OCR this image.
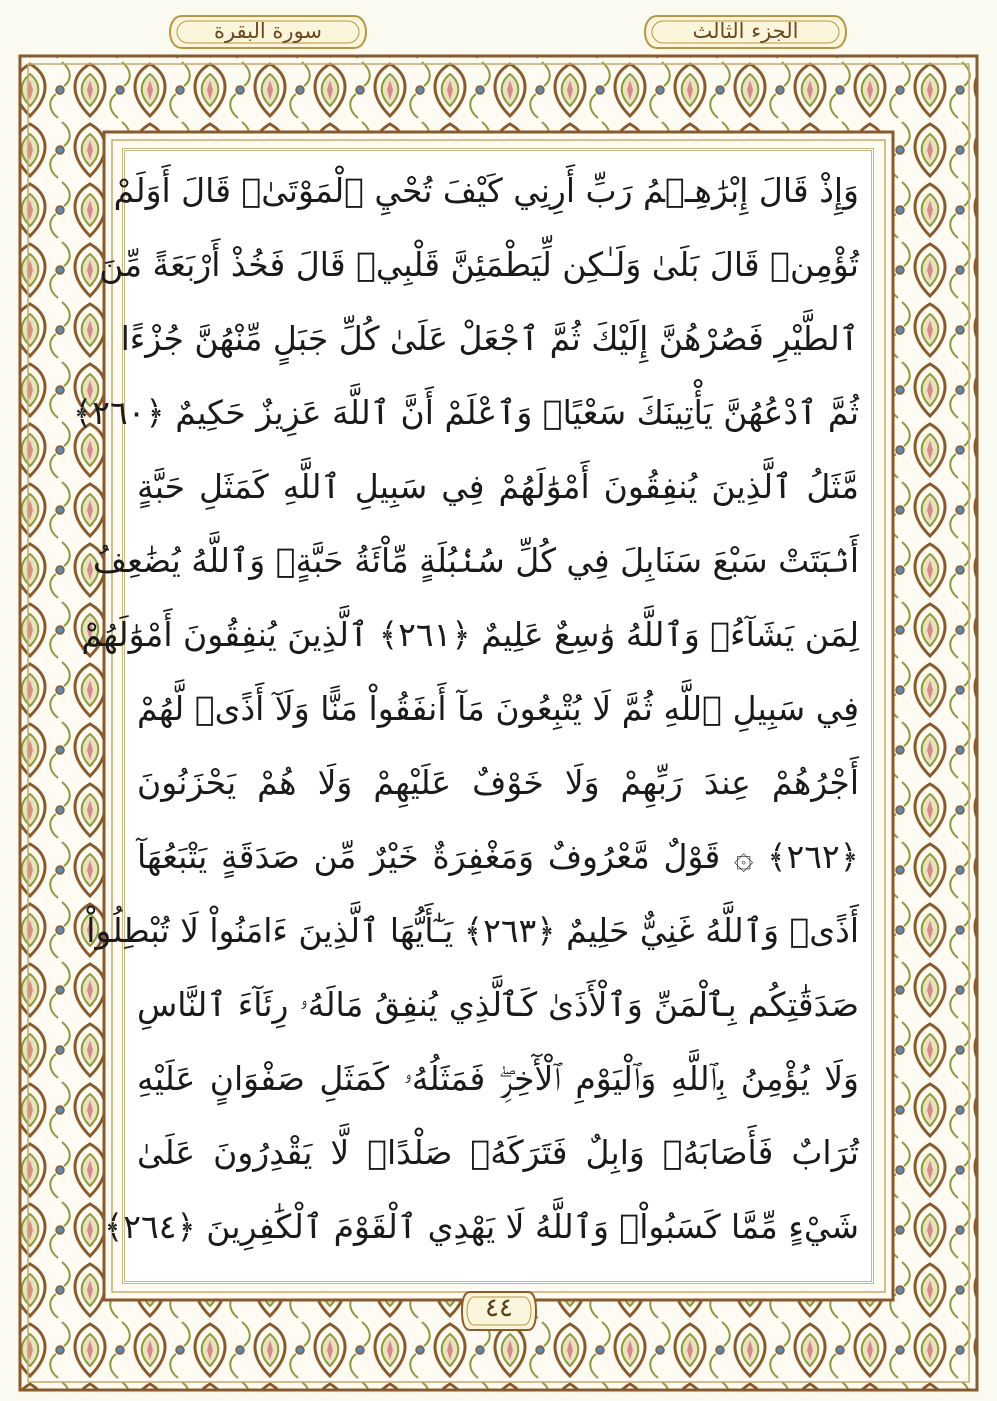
الجزء الثالث
سورة البقرة
وَإِذْ قَالَ إِبْرَٰهِـۧمُ رَبِّ أَرِنِي كَيْفَ تُحْيِ ٱلْمَوْتَىٰۖ قَالَ أَوَلَمْ
تُؤْمِنۖ قَالَ بَلَىٰ وَلَـٰكِن لِّيَطْمَئِنَّ قَلْبِيۖ قَالَ فَخُذْ أَرْبَعَةً مِّنَ
ٱلطَّيْرِ فَصُرْهُنَّ إِلَيْكَ ثُمَّ ٱجْعَلْ عَلَىٰ كُلِّ جَبَلٍ مِّنْهُنَّ جُزْءًا
ثُمَّ ٱدْعُهُنَّ يَأْتِينَكَ سَعْيًاۚ وَٱعْلَمْ أَنَّ ٱللَّهَ عَزِيزٌ حَكِيمٌ ﴿٢٦٠﴾
مَّثَلُ ٱلَّذِينَ يُنفِقُونَ أَمْوَٰلَهُمْ فِي سَبِيلِ ٱللَّهِ كَمَثَلِ حَبَّةٍ
أَنۢبَتَتْ سَبْعَ سَنَابِلَ فِي كُلِّ سُنۢبُلَةٍ مِّاْئَةُ حَبَّةٍۗ وَٱللَّهُ يُضَٰعِفُ
لِمَن يَشَآءُۗ وَٱللَّهُ وَٰسِعٌ عَلِيمٌ ﴿٢٦١﴾ ٱلَّذِينَ يُنفِقُونَ أَمْوَٰلَهُمْ
فِي سَبِيلِ ٱللَّهِ ثُمَّ لَا يُتْبِعُونَ مَآ أَنفَقُواْ مَنًّا وَلَآ أَذًىۙ لَّهُمْ
أَجْرُهُمْ عِندَ رَبِّهِمْ وَلَا خَوْفٌ عَلَيْهِمْ وَلَا هُمْ يَحْزَنُونَ
﴿٢٦٢﴾ ۞ قَوْلٌ مَّعْرُوفٌ وَمَغْفِرَةٌ خَيْرٌ مِّن صَدَقَةٍ يَتْبَعُهَآ
أَذًىۗ وَٱللَّهُ غَنِيٌّ حَلِيمٌ ﴿٢٦٣﴾ يَـٰٓأَيُّهَا ٱلَّذِينَ ءَامَنُواْ لَا تُبْطِلُواْ
صَدَقَٰتِكُم بِٱلْمَنِّ وَٱلْأَذَىٰ كَٱلَّذِي يُنفِقُ مَالَهُۥ رِئَآءَ ٱلنَّاسِ
وَلَا يُؤْمِنُ بِٱللَّهِ وَٱلْيَوْمِ ٱلْأٓخِرِۖ فَمَثَلُهُۥ كَمَثَلِ صَفْوَانٍ عَلَيْهِ
تُرَابٌ فَأَصَابَهُۥ وَابِلٌ فَتَرَكَهُۥ صَلْدًاۖ لَّا يَقْدِرُونَ عَلَىٰ
شَيْءٍ مِّمَّا كَسَبُواْۗ وَٱللَّهُ لَا يَهْدِي ٱلْقَوْمَ ٱلْكَٰفِرِينَ ﴿٢٦٤﴾
٤٤
